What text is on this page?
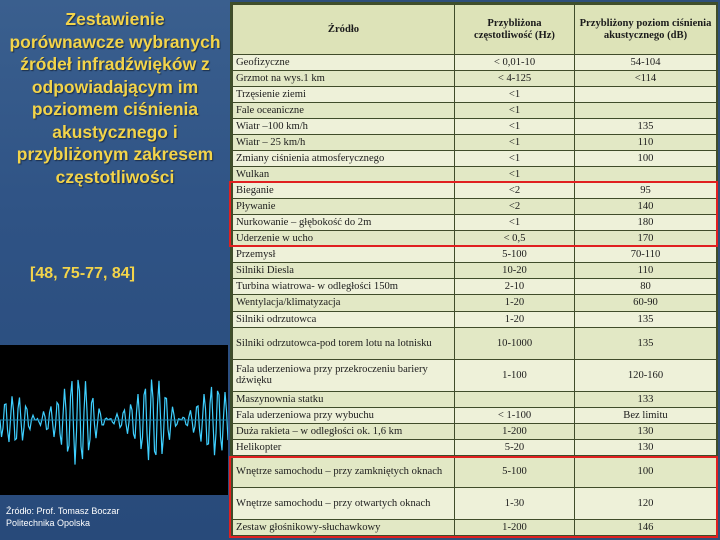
Zestawienie porównawcze wybranych źródeł infradźwięków z odpowiadającym im poziomem ciśnienia akustycznego i przybliżonym zakresem częstotliwości
[48, 75-77, 84]
Źródło: Prof. Tomasz Boczar
Politechnika Opolska
Źródło	Przybliżona częstotliwość (Hz)	Przybliżony poziom ciśnienia akustycznego (dB)
Geofizyczne	< 0,01-10	54-104
Grzmot na wys.1 km	< 4-125	<114
Trzęsienie ziemi	<1	
Fale oceaniczne	<1	
Wiatr –100 km/h	<1	135
Wiatr – 25 km/h	<1	110
Zmiany ciśnienia atmosferycznego	<1	100
Wulkan	<1	
Bieganie	<2	95
Pływanie	<2	140
Nurkowanie – głębokość do 2m	<1	180
Uderzenie w ucho	< 0,5	170
Przemysł	5-100	70-110
Silniki Diesla	10-20	110
Turbina wiatrowa- w odległości 150m	2-10	80
Wentylacja/klimatyzacja	1-20	60-90
Silniki odrzutowca	1-20	135
Silniki odrzutowca-pod torem lotu na lotnisku	10-1000	135
Fala uderzeniowa przy przekroczeniu bariery dźwięku	1-100	120-160
Maszynownia statku		133
Fala uderzeniowa przy wybuchu	< 1-100	Bez limitu
Duża rakieta – w odległości ok. 1,6 km	1-200	130
Helikopter	5-20	130
Wnętrze samochodu – przy zamkniętych oknach	5-100	100
Wnętrze samochodu – przy otwartych oknach	1-30	120
Zestaw głośnikowy-słuchawkowy	1-200	146
